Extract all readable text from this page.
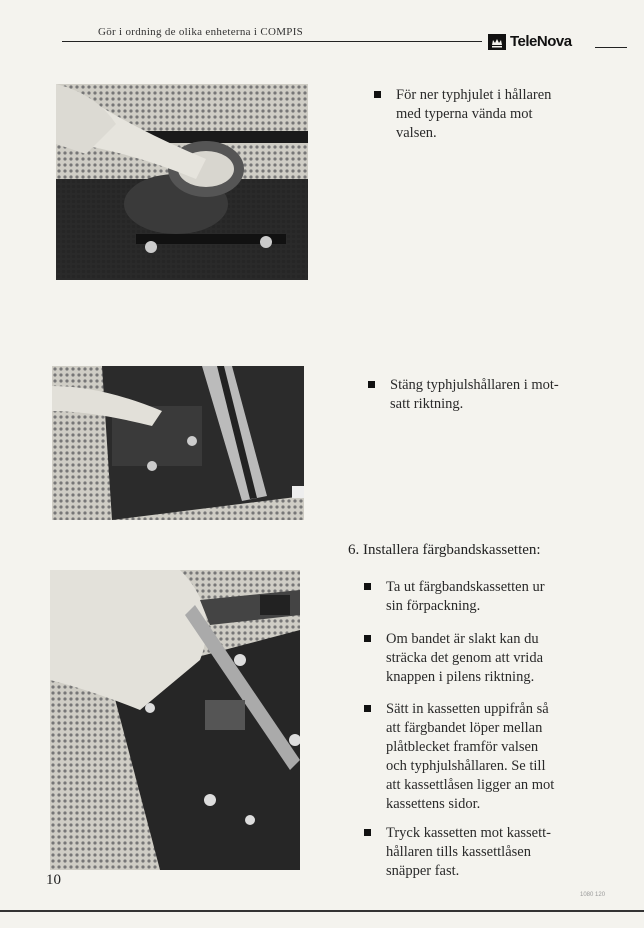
Gör i ordning de olika enheterna i COMPIS
TeleNova
För ner typhjulet i hållaren
med typerna vända mot
valsen.
Stäng typhjulshållaren i mot-
satt riktning.
6. Installera färgbandskassetten:
Ta ut färgbandskassetten ur
sin förpackning.
Om bandet är slakt kan du
sträcka det genom att vrida
knappen i pilens riktning.
Sätt in kassetten uppifrån så
att färgbandet löper mellan
plåtblecket framför valsen
och typhjulshållaren. Se till
att kassettlåsen ligger an mot
kassettens sidor.
Tryck kassetten mot kassett-
hållaren tills kassettlåsen
snäpper fast.
10
1080 120
